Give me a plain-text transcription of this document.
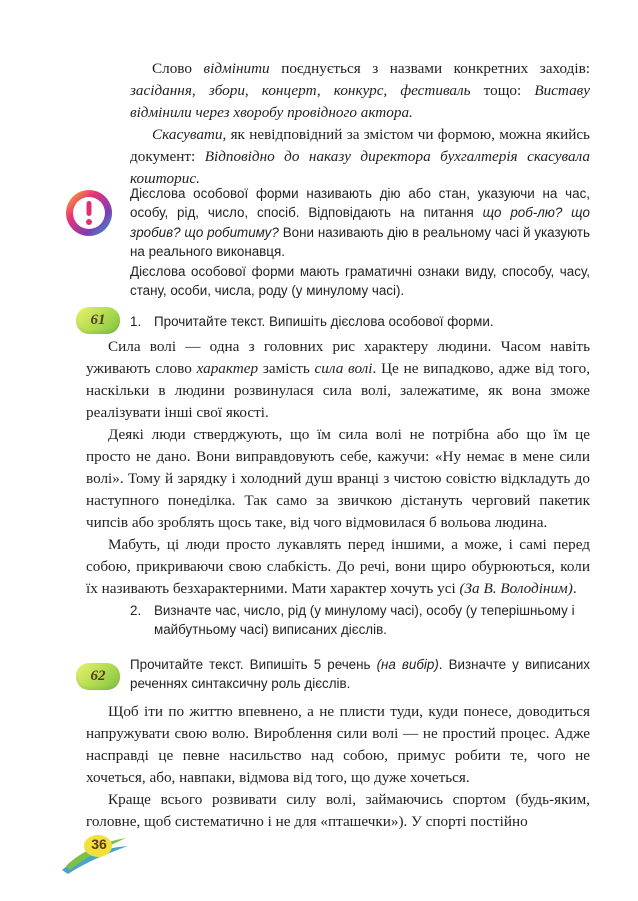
Слово відмінити поєднується з назвами конкретних заходів: засідання, збори, концерт, конкурс, фестиваль тощо: Виставу відмінили через хворобу провідного актора.

Скасувати, як невідповідний за змістом чи формою, можна якийсь документ: Відповідно до наказу директора бухгалтерія скасувала кошторис.

Дієслова особової форми називають дію або стан, указуючи на час, особу, рід, число, спосіб. Відповідають на питання що роб-лю? що зробив? що робитиму? Вони називають дію в реальному часі й указують на реального виконавця.

Дієслова особової форми мають граматичні ознаки виду, способу, часу, стану, особи, числа, роду (у минулому часі).

61	1. Прочитайте текст. Випишіть дієслова особової форми.

Сила волі — одна з головних рис характеру людини. Часом навіть уживають слово характер замість сила волі. Це не випадково, адже від того, наскільки в людини розвинулася сила волі, залежатиме, як вона зможе реалізувати інші свої якості.

Деякі люди стверджують, що їм сила волі не потрібна або що їм це просто не дано. Вони виправдовують себе, кажучи: «Ну немає в мене сили волі». Тому й зарядку і холодний душ вранці з чистою совістю відкладуть до наступного понеділка. Так само за звичкою дістануть черговий пакетик чипсів або зроблять щось таке, від чого відмовилася б вольова людина.

Мабуть, ці люди просто лукавлять перед іншими, а може, і самі перед собою, прикриваючи свою слабкість. До речі, вони щиро обурюються, коли їх називають безхарактерними. Мати характер хочуть усі (За В. Володіним).

2. Визначте час, число, рід (у минулому часі), особу (у теперішньому і майбутньому часі) виписаних дієслів.
62
Прочитайте текст. Випишіть 5 речень (на вибір). Визначте у виписаних реченнях синтаксичну роль дієслів.

Щоб іти по життю впевнено, а не плисти туди, куди понесе, доводиться напружувати свою волю. Вироблення сили волі — не простий процес. Адже насправді це певне насильство над собою, примус робити те, чого не хочеться, або, навпаки, відмова від того, що дуже хочеться.

Краще всього розвивати силу волі, займаючись спортом (будь-яким, головне, щоб систематично і не для «пташечки»). У спорті постійно

36
